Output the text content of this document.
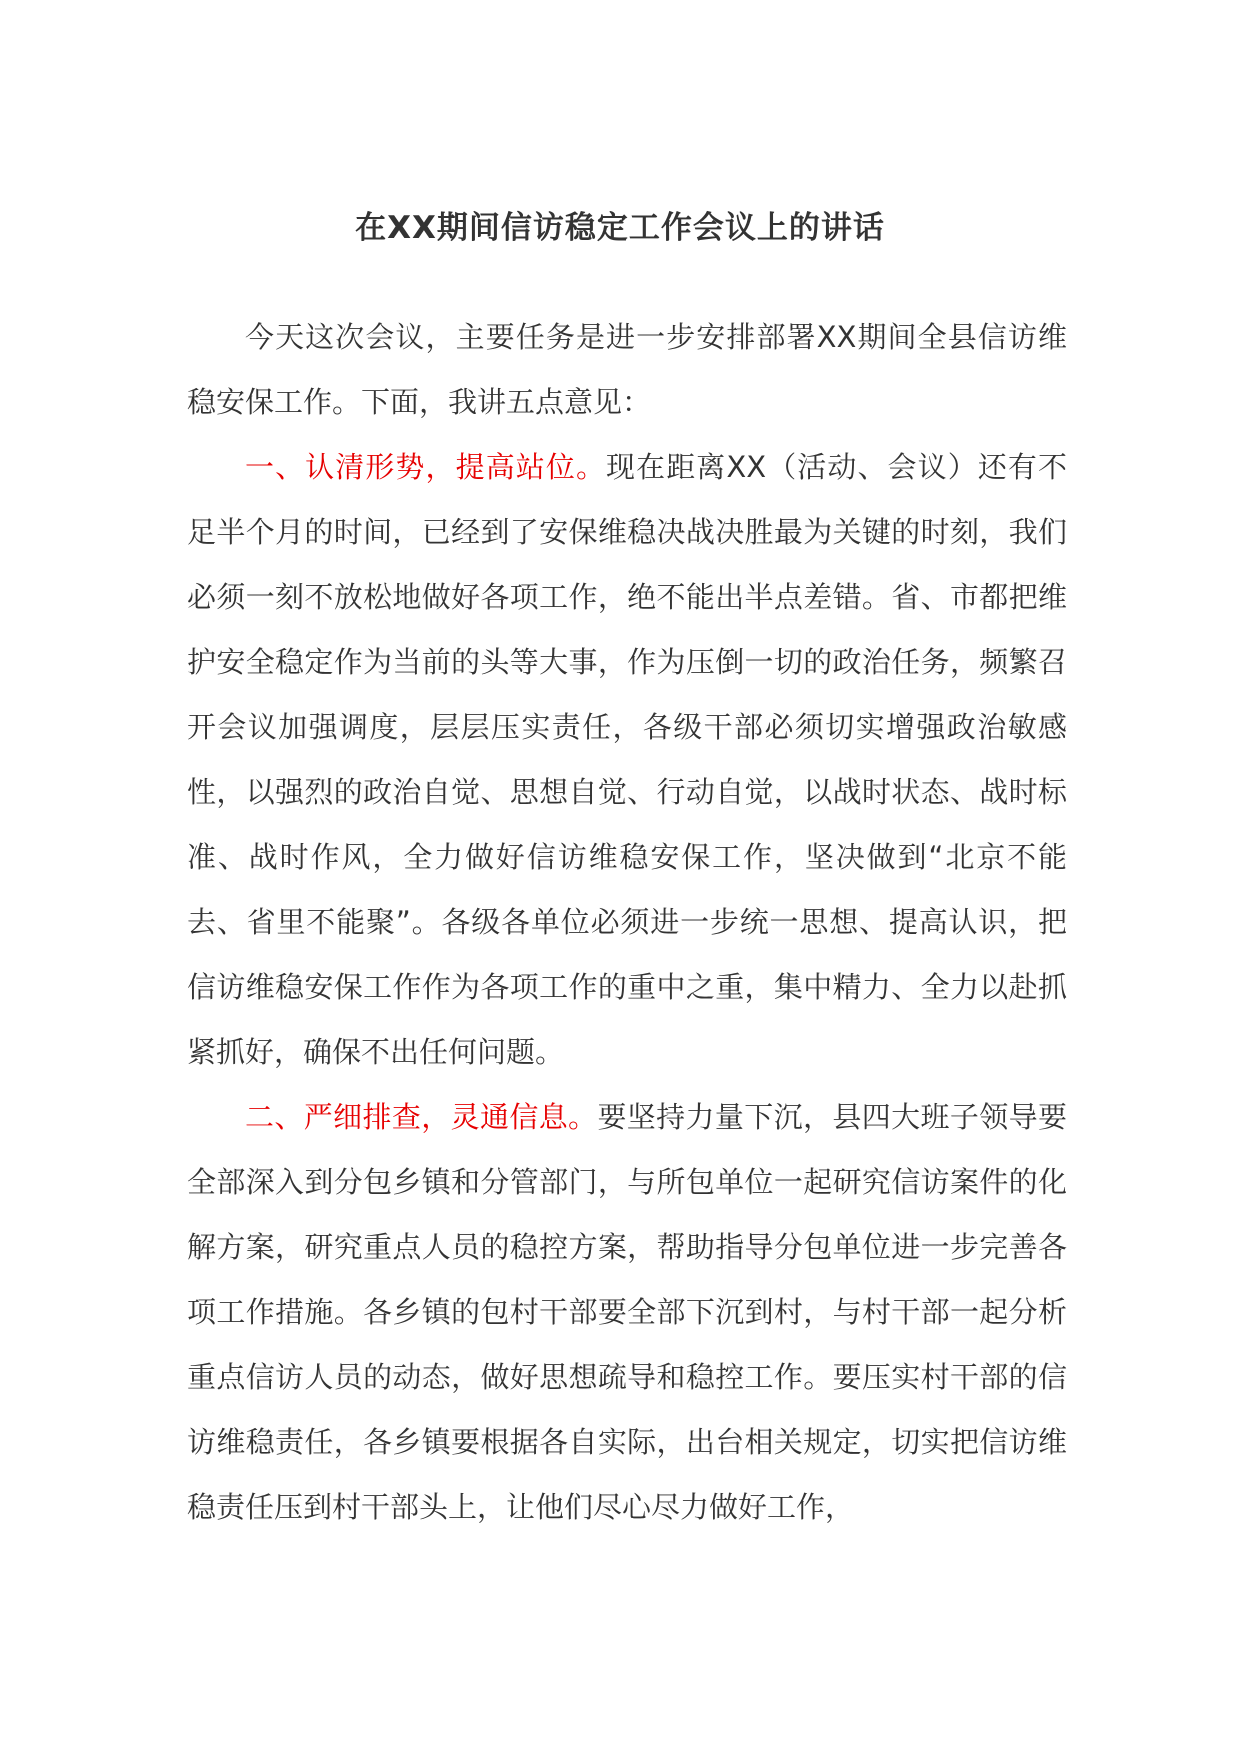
在XX期间信访稳定工作会议上的讲话

今天这次会议，主要任务是进一步安排部署XX期间全县信访维稳安保工作。下面，我讲五点意见：

一、认清形势，提高站位。现在距离XX（活动、会议）还有不足半个月的时间，已经到了安保维稳决战决胜最为关键的时刻，我们必须一刻不放松地做好各项工作，绝不能出半点差错。省、市都把维护安全稳定作为当前的头等大事，作为压倒一切的政治任务，频繁召开会议加强调度，层层压实责任，各级干部必须切实增强政治敏感性，以强烈的政治自觉、思想自觉、行动自觉，以战时状态、战时标准、战时作风，全力做好信访维稳安保工作，坚决做到“北京不能去、省里不能聚”。各级各单位必须进一步统一思想、提高认识，把信访维稳安保工作作为各项工作的重中之重，集中精力、全力以赴抓紧抓好，确保不出任何问题。

二、严细排查，灵通信息。要坚持力量下沉，县四大班子领导要全部深入到分包乡镇和分管部门，与所包单位一起研究信访案件的化解方案，研究重点人员的稳控方案，帮助指导分包单位进一步完善各项工作措施。各乡镇的包村干部要全部下沉到村，与村干部一起分析重点信访人员的动态，做好思想疏导和稳控工作。要压实村干部的信访维稳责任，各乡镇要根据各自实际，出台相关规定，切实把信访维稳责任压到村干部头上，让他们尽心尽力做好工作，
